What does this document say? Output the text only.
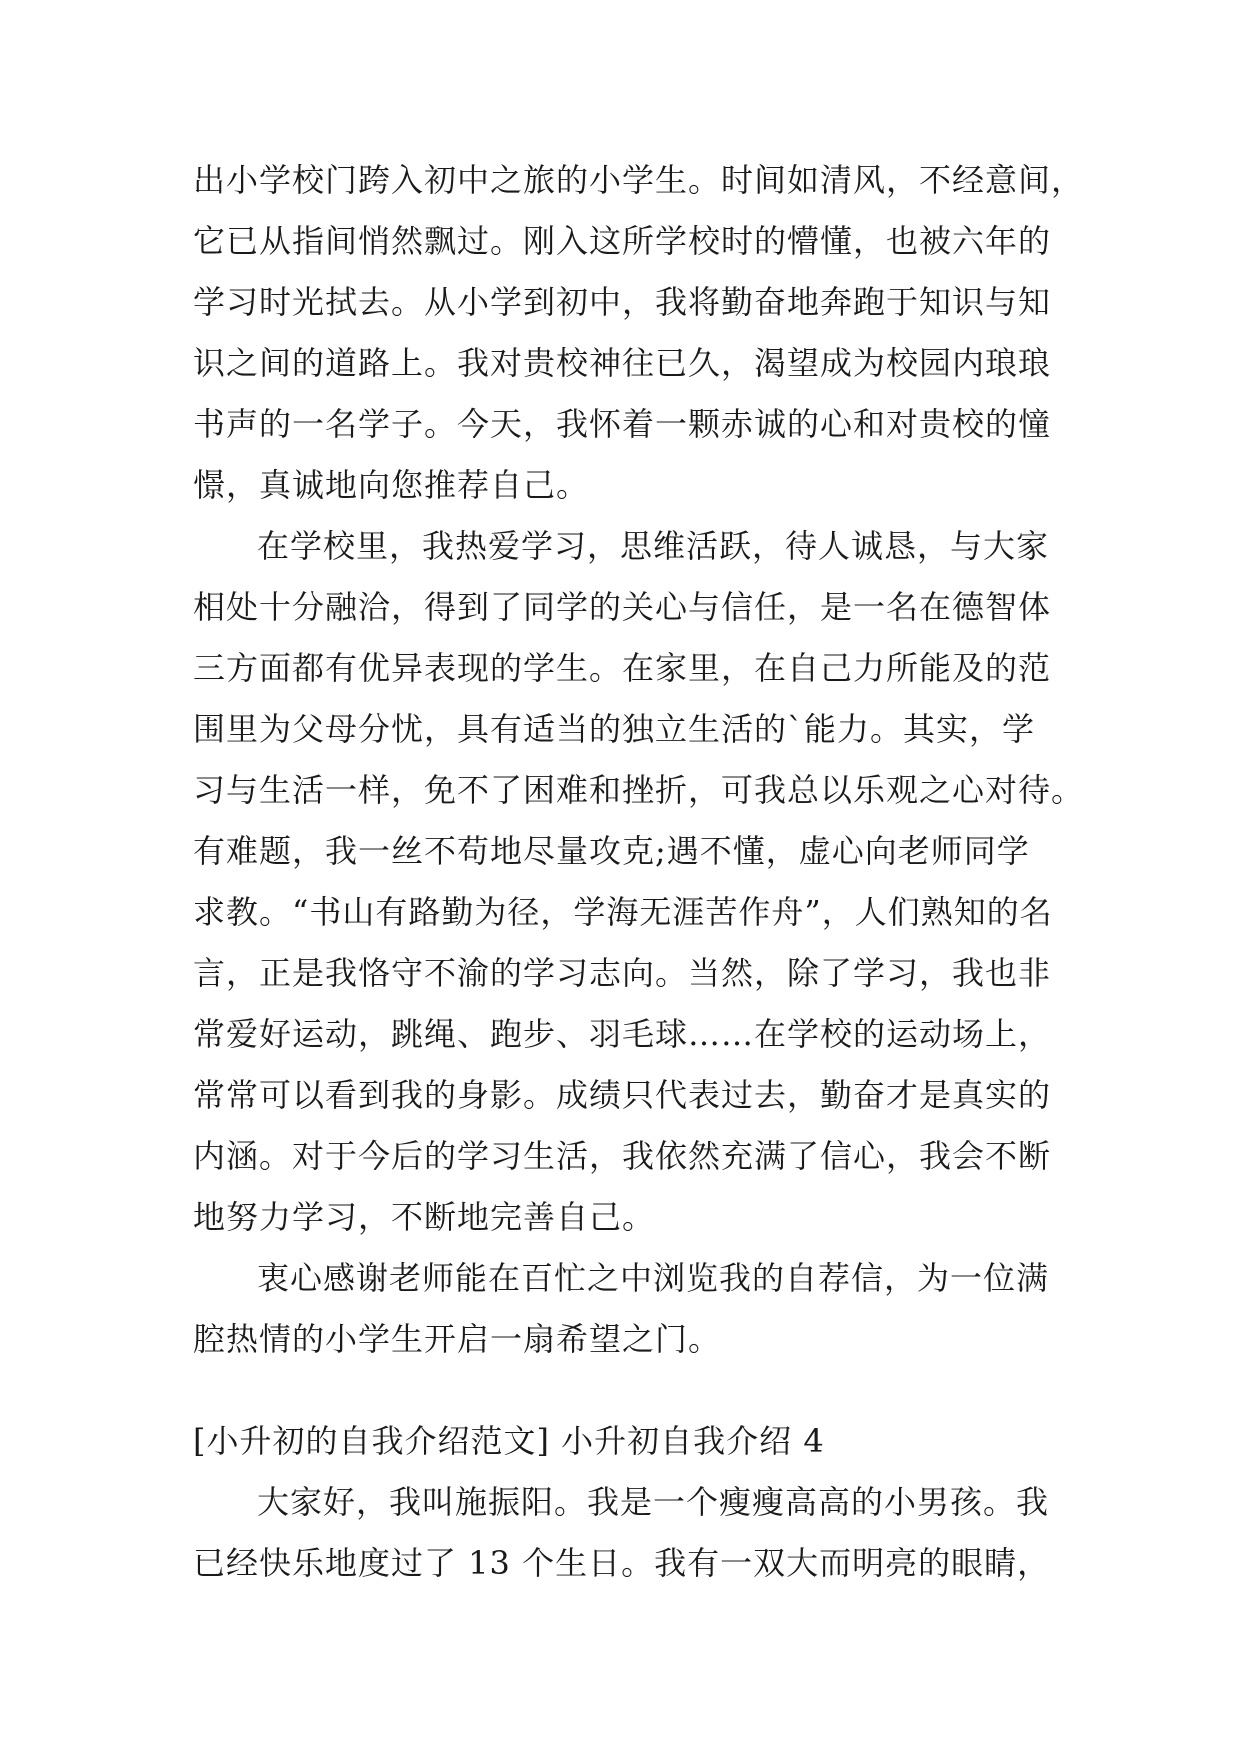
出小学校门跨入初中之旅的小学生。时间如清风，不经意间，
它已从指间悄然飘过。刚入这所学校时的懵懂，也被六年的
学习时光拭去。从小学到初中，我将勤奋地奔跑于知识与知
识之间的道路上。我对贵校神往已久，渴望成为校园内琅琅
书声的一名学子。今天，我怀着一颗赤诚的心和对贵校的憧
憬，真诚地向您推荐自己。
在学校里，我热爱学习，思维活跃，待人诚恳，与大家
相处十分融洽，得到了同学的关心与信任，是一名在德智体
三方面都有优异表现的学生。在家里，在自己力所能及的范
围里为父母分忧，具有适当的独立生活的`能力。其实，学
习与生活一样，免不了困难和挫折，可我总以乐观之心对待。
有难题，我一丝不苟地尽量攻克;遇不懂，虚心向老师同学
求教。“书山有路勤为径，学海无涯苦作舟”，人们熟知的名
言，正是我恪守不渝的学习志向。当然，除了学习，我也非
常爱好运动，跳绳、跑步、羽毛球……在学校的运动场上，
常常可以看到我的身影。成绩只代表过去，勤奋才是真实的
内涵。对于今后的学习生活，我依然充满了信心，我会不断
地努力学习，不断地完善自己。
衷心感谢老师能在百忙之中浏览我的自荐信，为一位满
腔热情的小学生开启一扇希望之门。
[小升初的自我介绍范文] 小升初自我介绍 4
大家好，我叫施振阳。我是一个瘦瘦高高的小男孩。我
已经快乐地度过了 13 个生日。我有一双大而明亮的眼睛，
